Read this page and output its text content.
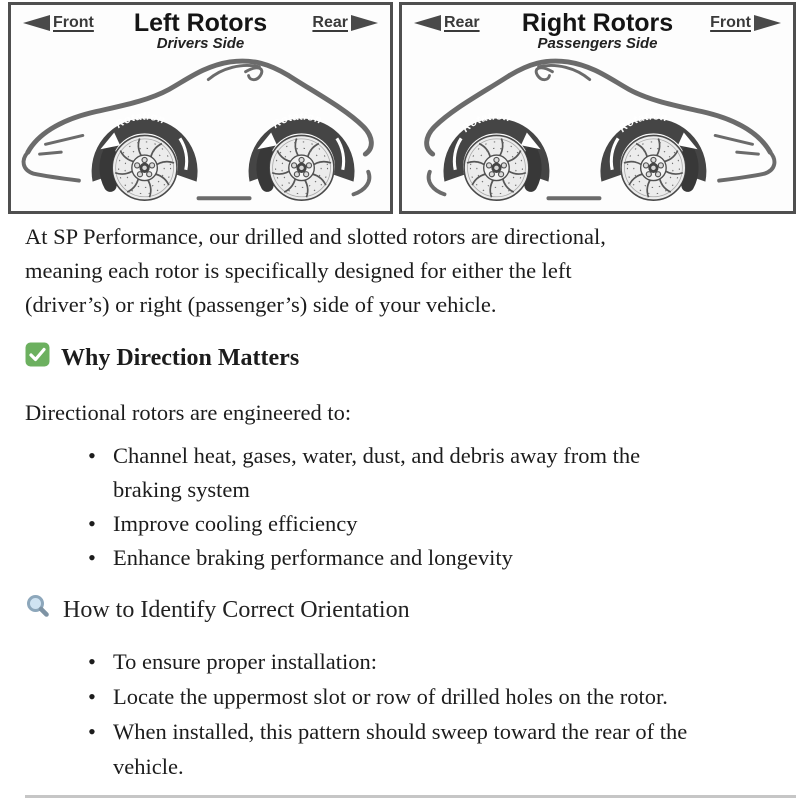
Front	Left Rotors
Drivers Side
Rear	Rear	Right Rotors
Passengers Side
Front
At SP Performance, our drilled and slotted rotors are directional,
meaning each rotor is specifically designed for either the left
(driver’s) or right (passenger’s) side of your vehicle.
Why Direction Matters
Directional rotors are engineered to:
• Channel heat, gases, water, dust, and debris away from the
braking system
• Improve cooling efficiency
• Enhance braking performance and longevity
How to Identify Correct Orientation
• To ensure proper installation:
• Locate the uppermost slot or row of drilled holes on the rotor.
• When installed, this pattern should sweep toward the rear of the
vehicle.
